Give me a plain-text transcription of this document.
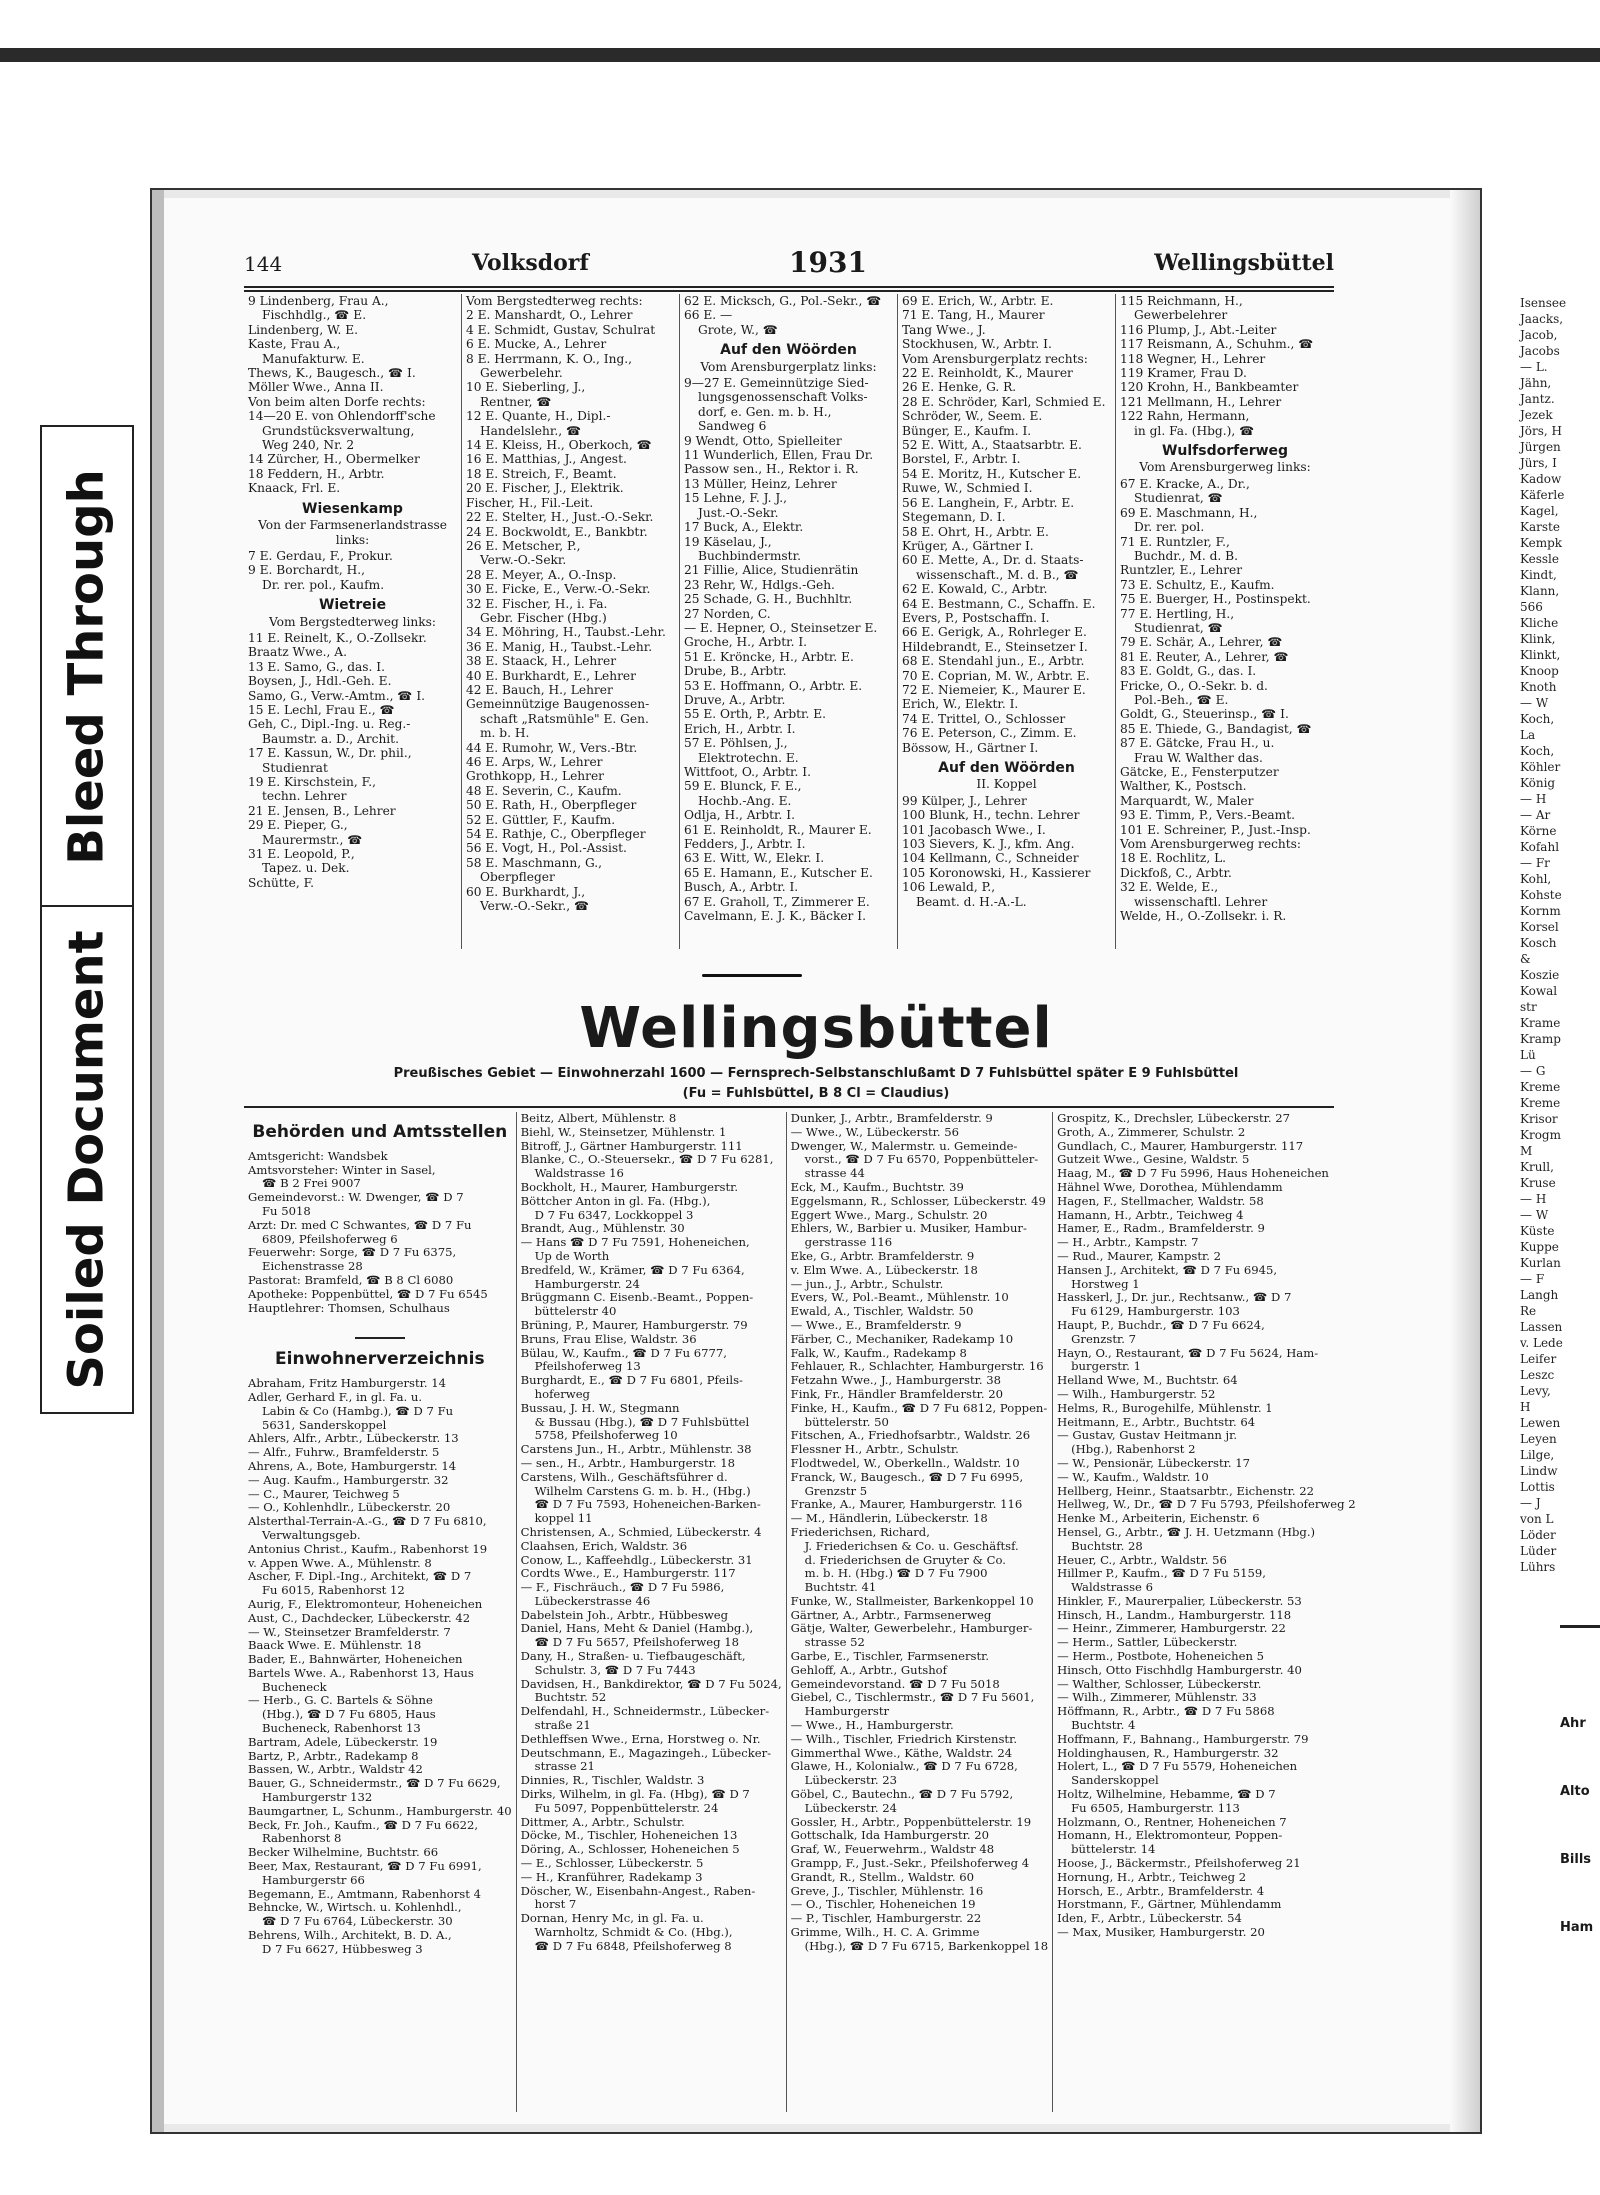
Bleed Through
Soiled Document
144	Volksdorf	1931	Wellingsbüttel
9 Lindenberg, Frau A.,
Fischhdlg., ☎ E.
Lindenberg, W. E.
Kaste, Frau A.,
Manufakturw. E.
Thews, K., Baugesch., ☎ I.
Möller Wwe., Anna II.
Von beim alten Dorfe rechts:
14—20 E. von Ohlendorff'sche
Grundstücksverwaltung,
Weg 240, Nr. 2
14 Zürcher, H., Obermelker
18 Feddern, H., Arbtr.
Knaack, Frl. E.
Wiesenkamp
Von der Farmsenerlandstrasse links:
7 E. Gerdau, F., Prokur.
9 E. Borchardt, H.,
Dr. rer. pol., Kaufm.
Wietreie
Vom Bergstedterweg links:
11 E. Reinelt, K., O.-Zollsekr.
Braatz Wwe., A.
13 E. Samo, G., das. I.
Boysen, J., Hdl.-Geh. E.
Samo, G., Verw.-Amtm., ☎ I.
15 E. Lechl, Frau E., ☎
Geh, C., Dipl.-Ing. u. Reg.-
Baumstr. a. D., Archit.
17 E. Kassun, W., Dr. phil.,
Studienrat
19 E. Kirschstein, F.,
techn. Lehrer
21 E. Jensen, B., Lehrer
29 E. Pieper, G.,
Maurermstr., ☎
31 E. Leopold, P.,
Tapez. u. Dek.
Schütte, F.
Vom Bergstedterweg rechts:
2 E. Manshardt, O., Lehrer
4 E. Schmidt, Gustav, Schulrat
6 E. Mucke, A., Lehrer
8 E. Herrmann, K. O., Ing.,
Gewerbelehr.
10 E. Sieberling, J.,
Rentner, ☎
12 E. Quante, H., Dipl.-
Handelslehr., ☎
14 E. Kleiss, H., Oberkoch, ☎
16 E. Matthias, J., Angest.
18 E. Streich, F., Beamt.
20 E. Fischer, J., Elektrik.
Fischer, H., Fil.-Leit.
22 E. Stelter, H., Just.-O.-Sekr.
24 E. Bockwoldt, E., Bankbtr.
26 E. Metscher, P.,
Verw.-O.-Sekr.
28 E. Meyer, A., O.-Insp.
30 E. Ficke, E., Verw.-O.-Sekr.
32 E. Fischer, H., i. Fa.
Gebr. Fischer (Hbg.)
34 E. Möhring, H., Taubst.-Lehr.
36 E. Manig, H., Taubst.-Lehr.
38 E. Staack, H., Lehrer
40 E. Burkhardt, E., Lehrer
42 E. Bauch, H., Lehrer
Gemeinnützige Baugenossen-
schaft „Ratsmühle" E. Gen.
m. b. H.
44 E. Rumohr, W., Vers.-Btr.
46 E. Arps, W., Lehrer
Grothkopp, H., Lehrer
48 E. Severin, C., Kaufm.
50 E. Rath, H., Oberpfleger
52 E. Güttler, F., Kaufm.
54 E. Rathje, C., Oberpfleger
56 E. Vogt, H., Pol.-Assist.
58 E. Maschmann, G.,
Oberpfleger
60 E. Burkhardt, J.,
Verw.-O.-Sekr., ☎
62 E. Micksch, G., Pol.-Sekr., ☎
66 E. —
Grote, W., ☎
Auf den Wöörden
Vom Arensburgerplatz links:
9—27 E. Gemeinnützige Sied-
lungsgenossenschaft Volks-
dorf, e. Gen. m. b. H.,
Sandweg 6
9 Wendt, Otto, Spielleiter
11 Wunderlich, Ellen, Frau Dr.
Passow sen., H., Rektor i. R.
13 Müller, Heinz, Lehrer
15 Lehne, F. J. J.,
Just.-O.-Sekr.
17 Buck, A., Elektr.
19 Käselau, J.,
Buchbindermstr.
21 Fillie, Alice, Studienrätin
23 Rehr, W., Hdlgs.-Geh.
25 Schade, G. H., Buchhltr.
27 Norden, C.
— E. Hepner, O., Steinsetzer E.
Groche, H., Arbtr. I.
51 E. Kröncke, H., Arbtr. E.
Drube, B., Arbtr.
53 E. Hoffmann, O., Arbtr. E.
Druve, A., Arbtr.
55 E. Orth, P., Arbtr. E.
Erich, H., Arbtr. I.
57 E. Pöhlsen, J.,
Elektrotechn. E.
Wittfoot, O., Arbtr. I.
59 E. Blunck, F. E.,
Hochb.-Ang. E.
Odlja, H., Arbtr. I.
61 E. Reinholdt, R., Maurer E.
Fedders, J., Arbtr. I.
63 E. Witt, W., Elekr. I.
65 E. Hamann, E., Kutscher E.
Busch, A., Arbtr. I.
67 E. Graholl, T., Zimmerer E.
Cavelmann, E. J. K., Bäcker I.
69 E. Erich, W., Arbtr. E.
71 E. Tang, H., Maurer
Tang Wwe., J.
Stockhusen, W., Arbtr. I.
Vom Arensburgerplatz rechts:
22 E. Reinholdt, K., Maurer
26 E. Henke, G. R.
28 E. Schröder, Karl, Schmied E.
Schröder, W., Seem. E.
Bünger, E., Kaufm. I.
52 E. Witt, A., Staatsarbtr. E.
Borstel, F., Arbtr. I.
54 E. Moritz, H., Kutscher E.
Ruwe, W., Schmied I.
56 E. Langhein, F., Arbtr. E.
Stegemann, D. I.
58 E. Ohrt, H., Arbtr. E.
Krüger, A., Gärtner I.
60 E. Mette, A., Dr. d. Staats-
wissenschaft., M. d. B., ☎
62 E. Kowald, C., Arbtr.
64 E. Bestmann, C., Schaffn. E.
Evers, P., Postschaffn. I.
66 E. Gerigk, A., Rohrleger E.
Hildebrandt, E., Steinsetzer I.
68 E. Stendahl jun., E., Arbtr.
70 E. Coprian, M. W., Arbtr. E.
72 E. Niemeier, K., Maurer E.
Erich, W., Elektr. I.
74 E. Trittel, O., Schlosser
76 E. Peterson, C., Zimm. E.
Bössow, H., Gärtner I.
Auf den Wöörden
II. Koppel
99 Külper, J., Lehrer
100 Blunk, H., techn. Lehrer
101 Jacobasch Wwe., I.
103 Sievers, K. J., kfm. Ang.
104 Kellmann, C., Schneider
105 Koronowski, H., Kassierer
106 Lewald, P.,
Beamt. d. H.-A.-L.
115 Reichmann, H.,
Gewerbelehrer
116 Plump, J., Abt.-Leiter
117 Reismann, A., Schuhm., ☎
118 Wegner, H., Lehrer
119 Kramer, Frau D.
120 Krohn, H., Bankbeamter
121 Mellmann, H., Lehrer
122 Rahn, Hermann,
in gl. Fa. (Hbg.), ☎
Wulfsdorferweg
Vom Arensburgerweg links:
67 E. Kracke, A., Dr.,
Studienrat, ☎
69 E. Maschmann, H.,
Dr. rer. pol.
71 E. Runtzler, F.,
Buchdr., M. d. B.
Runtzler, E., Lehrer
73 E. Schultz, E., Kaufm.
75 E. Buerger, H., Postinspekt.
77 E. Hertling, H.,
Studienrat, ☎
79 E. Schär, A., Lehrer, ☎
81 E. Reuter, A., Lehrer, ☎
83 E. Goldt, G., das. I.
Fricke, O., O.-Sekr. b. d.
Pol.-Beh., ☎ E.
Goldt, G., Steuerinsp., ☎ I.
85 E. Thiede, G., Bandagist, ☎
87 E. Gätcke, Frau H., u.
Frau W. Walther das.
Gätcke, E., Fensterputzer
Walther, K., Postsch.
Marquardt, W., Maler
93 E. Timm, P., Vers.-Beamt.
101 E. Schreiner, P., Just.-Insp.
Vom Arensburgerweg rechts:
18 E. Rochlitz, L.
Dickfoß, C., Arbtr.
32 E. Welde, E.,
wissenschaftl. Lehrer
Welde, H., O.-Zollsekr. i. R.
Wellingsbüttel
Preußisches Gebiet — Einwohnerzahl 1600 — Fernsprech-Selbstanschlußamt D 7 Fuhlsbüttel später E 9 Fuhlsbüttel
(Fu = Fuhlsbüttel, B 8 Cl = Claudius)
Behörden und Amtsstellen
Amtsgericht: Wandsbek
Amtsvorsteher: Winter in Sasel,
☎ B 2 Frei 9007
Gemeindevorst.: W. Dwenger, ☎ D 7
Fu 5018
Arzt: Dr. med C Schwantes, ☎ D 7 Fu
6809, Pfeilshoferweg 6
Feuerwehr: Sorge, ☎ D 7 Fu 6375,
Eichenstrasse 28
Pastorat: Bramfeld, ☎ B 8 Cl 6080
Apotheke: Poppenbüttel, ☎ D 7 Fu 6545
Hauptlehrer: Thomsen, Schulhaus
Einwohnerverzeichnis
Abraham, Fritz Hamburgerstr. 14
Adler, Gerhard F., in gl. Fa. u.
Labin & Co (Hambg.), ☎ D 7 Fu
5631, Sanderskoppel
Ahlers, Alfr., Arbtr., Lübeckerstr. 13
— Alfr., Fuhrw., Bramfelderstr. 5
Ahrens, A., Bote, Hamburgerstr. 14
— Aug. Kaufm., Hamburgerstr. 32
— C., Maurer, Teichweg 5
— O., Kohlenhdlr., Lübeckerstr. 20
Alsterthal-Terrain-A.-G., ☎ D 7 Fu 6810,
Verwaltungsgeb.
Antonius Christ., Kaufm., Rabenhorst 19
v. Appen Wwe. A., Mühlenstr. 8
Ascher, F. Dipl.-Ing., Architekt, ☎ D 7
Fu 6015, Rabenhorst 12
Aurig, F., Elektromonteur, Hoheneichen
Aust, C., Dachdecker, Lübeckerstr. 42
— W., Steinsetzer Bramfelderstr. 7
Baack Wwe. E. Mühlenstr. 18
Bader, E., Bahnwärter, Hoheneichen
Bartels Wwe. A., Rabenhorst 13, Haus
Bucheneck
— Herb., G. C. Bartels & Söhne
(Hbg.), ☎ D 7 Fu 6805, Haus
Bucheneck, Rabenhorst 13
Bartram, Adele, Lübeckerstr. 19
Bartz, P., Arbtr., Radekamp 8
Bassen, W., Arbtr., Waldstr 42
Bauer, G., Schneidermstr., ☎ D 7 Fu 6629,
Hamburgerstr 132
Baumgartner, L, Schunm., Hamburgerstr. 40
Beck, Fr. Joh., Kaufm., ☎ D 7 Fu 6622,
Rabenhorst 8
Becker Wilhelmine, Buchtstr. 66
Beer, Max, Restaurant, ☎ D 7 Fu 6991,
Hamburgerstr 66
Begemann, E., Amtmann, Rabenhorst 4
Behncke, W., Wirtsch. u. Kohlenhdl.,
☎ D 7 Fu 6764, Lübeckerstr. 30
Behrens, Wilh., Architekt, B. D. A.,
D 7 Fu 6627, Hübbesweg 3
Beitz, Albert, Mühlenstr. 8
Biehl, W., Steinsetzer, Mühlenstr. 1
Bitroff, J., Gärtner Hamburgerstr. 111
Blanke, C., O.-Steuersekr., ☎ D 7 Fu 6281,
Waldstrasse 16
Bockholt, H., Maurer, Hamburgerstr.
Böttcher Anton in gl. Fa. (Hbg.),
D 7 Fu 6347, Lockkoppel 3
Brandt, Aug., Mühlenstr. 30
— Hans ☎ D 7 Fu 7591, Hoheneichen,
Up de Worth
Bredfeld, W., Krämer, ☎ D 7 Fu 6364,
Hamburgerstr. 24
Brüggmann C. Eisenb.-Beamt., Poppen-
büttelerstr 40
Brüning, P., Maurer, Hamburgerstr. 79
Bruns, Frau Elise, Waldstr. 36
Bülau, W., Kaufm., ☎ D 7 Fu 6777,
Pfeilshoferweg 13
Burghardt, E., ☎ D 7 Fu 6801, Pfeils-
hoferweg
Bussau, J. H. W., Stegmann
& Bussau (Hbg.), ☎ D 7 Fuhlsbüttel
5758, Pfeilshoferweg 10
Carstens Jun., H., Arbtr., Mühlenstr. 38
— sen., H., Arbtr., Hamburgerstr. 18
Carstens, Wilh., Geschäftsführer d.
Wilhelm Carstens G. m. b. H., (Hbg.)
☎ D 7 Fu 7593, Hoheneichen-Barken-
koppel 11
Christensen, A., Schmied, Lübeckerstr. 4
Claahsen, Erich, Waldstr. 36
Conow, L., Kaffeehdlg., Lübeckerstr. 31
Cordts Wwe., E., Hamburgerstr. 117
— F., Fischräuch., ☎ D 7 Fu 5986,
Lübeckerstrasse 46
Dabelstein Joh., Arbtr., Hübbesweg
Daniel, Hans, Meht & Daniel (Hambg.),
☎ D 7 Fu 5657, Pfeilshoferweg 18
Dany, H., Straßen- u. Tiefbaugeschäft,
Schulstr. 3, ☎ D 7 Fu 7443
Davidsen, H., Bankdirektor, ☎ D 7 Fu 5024,
Buchtstr. 52
Delfendahl, H., Schneidermstr., Lübecker-
straße 21
Dethleffsen Wwe., Erna, Horstweg o. Nr.
Deutschmann, E., Magazingeh., Lübecker-
strasse 21
Dinnies, R., Tischler, Waldstr. 3
Dirks, Wilhelm, in gl. Fa. (Hbg), ☎ D 7
Fu 5097, Poppenbüttelerstr. 24
Dittmer, A., Arbtr., Schulstr.
Döcke, M., Tischler, Hoheneichen 13
Döring, A., Schlosser, Hoheneichen 5
— E., Schlosser, Lübeckerstr. 5
— H., Kranführer, Radekamp 3
Döscher, W., Eisenbahn-Angest., Raben-
horst 7
Dornan, Henry Mc, in gl. Fa. u.
Warnholtz, Schmidt & Co. (Hbg.),
☎ D 7 Fu 6848, Pfeilshoferweg 8
Dunker, J., Arbtr., Bramfelderstr. 9
— Wwe., W., Lübeckerstr. 56
Dwenger, W., Malermstr. u. Gemeinde-
vorst., ☎ D 7 Fu 6570, Poppenbütteler-
strasse 44
Eck, M., Kaufm., Buchtstr. 39
Eggelsmann, R., Schlosser, Lübeckerstr. 49
Eggert Wwe., Marg., Schulstr. 20
Ehlers, W., Barbier u. Musiker, Hambur-
gerstrasse 116
Eke, G., Arbtr. Bramfelderstr. 9
v. Elm Wwe. A., Lübeckerstr. 18
— jun., J., Arbtr., Schulstr.
Evers, W., Pol.-Beamt., Mühlenstr. 10
Ewald, A., Tischler, Waldstr. 50
— Wwe., E., Bramfelderstr. 9
Färber, C., Mechaniker, Radekamp 10
Falk, W., Kaufm., Radekamp 8
Fehlauer, R., Schlachter, Hamburgerstr. 16
Fetzahn Wwe., J., Hamburgerstr. 38
Fink, Fr., Händler Bramfelderstr. 20
Finke, H., Kaufm., ☎ D 7 Fu 6812, Poppen-
büttelerstr. 50
Fitschen, A., Friedhofsarbtr., Waldstr. 26
Flessner H., Arbtr., Schulstr.
Flodtwedel, W., Oberkelln., Waldstr. 10
Franck, W., Baugesch., ☎ D 7 Fu 6995,
Grenzstr 5
Franke, A., Maurer, Hamburgerstr. 116
— M., Händlerin, Lübeckerstr. 18
Friederichsen, Richard,
J. Friederichsen & Co. u. Geschäftsf.
d. Friederichsen de Gruyter & Co.
m. b. H. (Hbg.) ☎ D 7 Fu 7900
Buchtstr. 41
Funke, W., Stallmeister, Barkenkoppel 10
Gärtner, A., Arbtr., Farmsenerweg
Gätje, Walter, Gewerbelehr., Hamburger-
strasse 52
Garbe, E., Tischler, Farmsenerstr.
Gehloff, A., Arbtr., Gutshof
Gemeindevorstand. ☎ D 7 Fu 5018
Giebel, C., Tischlermstr., ☎ D 7 Fu 5601,
Hamburgerstr
— Wwe., H., Hamburgerstr.
— Wilh., Tischler, Friedrich Kirstenstr.
Gimmerthal Wwe., Käthe, Waldstr. 24
Glawe, H., Kolonialw., ☎ D 7 Fu 6728,
Lübeckerstr. 23
Göbel, C., Bautechn., ☎ D 7 Fu 5792,
Lübeckerstr. 24
Gossler, H., Arbtr., Poppenbüttelerstr. 19
Gottschalk, Ida Hamburgerstr. 20
Graf, W., Feuerwehrm., Waldstr 48
Grampp, F., Just.-Sekr., Pfeilshoferweg 4
Grandt, R., Stellm., Waldstr. 60
Greve, J., Tischler, Mühlenstr. 16
— O., Tischler, Hoheneichen 19
— P., Tischler, Hamburgerstr. 22
Grimme, Wilh., H. C. A. Grimme
(Hbg.), ☎ D 7 Fu 6715, Barkenkoppel 18
Grospitz, K., Drechsler, Lübeckerstr. 27
Groth, A., Zimmerer, Schulstr. 2
Gundlach, C., Maurer, Hamburgerstr. 117
Gutzeit Wwe., Gesine, Waldstr. 5
Haag, M., ☎ D 7 Fu 5996, Haus Hoheneichen
Hähnel Wwe, Dorothea, Mühlendamm
Hagen, F., Stellmacher, Waldstr. 58
Hamann, H., Arbtr., Teichweg 4
Hamer, E., Radm., Bramfelderstr. 9
— H., Arbtr., Kampstr. 7
— Rud., Maurer, Kampstr. 2
Hansen J., Architekt, ☎ D 7 Fu 6945,
Horstweg 1
Hasskerl, J., Dr. jur., Rechtsanw., ☎ D 7
Fu 6129, Hamburgerstr. 103
Haupt, P., Buchdr., ☎ D 7 Fu 6624,
Grenzstr. 7
Hayn, O., Restaurant, ☎ D 7 Fu 5624, Ham-
burgerstr. 1
Helland Wwe, M., Buchtstr. 64
— Wilh., Hamburgerstr. 52
Helms, R., Burogehilfe, Mühlenstr. 1
Heitmann, E., Arbtr., Buchtstr. 64
— Gustav, Gustav Heitmann jr.
(Hbg.), Rabenhorst 2
— W., Pensionär, Lübeckerstr. 17
— W., Kaufm., Waldstr. 10
Hellberg, Heinr., Staatsarbtr., Eichenstr. 22
Hellweg, W., Dr., ☎ D 7 Fu 5793, Pfeilshoferweg 2
Henke M., Arbeiterin, Eichenstr. 6
Hensel, G., Arbtr., ☎ J. H. Uetzmann (Hbg.)
Buchtstr. 28
Heuer, C., Arbtr., Waldstr. 56
Hillmer P., Kaufm., ☎ D 7 Fu 5159,
Waldstrasse 6
Hinkler, F., Maurerpalier, Lübeckerstr. 53
Hinsch, H., Landm., Hamburgerstr. 118
— Heinr., Zimmerer, Hamburgerstr. 22
— Herm., Sattler, Lübeckerstr.
— Herm., Postbote, Hoheneichen 5
Hinsch, Otto Fischhdlg Hamburgerstr. 40
— Walther, Schlosser, Lübeckerstr.
— Wilh., Zimmerer, Mühlenstr. 33
Höffmann, R., Arbtr., ☎ D 7 Fu 5868
Buchtstr. 4
Hoffmann, F., Bahnang., Hamburgerstr. 79
Holdinghausen, R., Hamburgerstr. 32
Holert, L., ☎ D 7 Fu 5579, Hoheneichen
Sanderskoppel
Holtz, Wilhelmine, Hebamme, ☎ D 7
Fu 6505, Hamburgerstr. 113
Holzmann, O., Rentner, Hoheneichen 7
Homann, H., Elektromonteur, Poppen-
büttelerstr. 14
Hoose, J., Bäckermstr., Pfeilshoferweg 21
Hornung, H., Arbtr., Teichweg 2
Horsch, E., Arbtr., Bramfelderstr. 4
Horstmann, F., Gärtner, Mühlendamm
Iden, F., Arbtr., Lübeckerstr. 54
— Max, Musiker, Hamburgerstr. 20
Isensee
Jaacks,
Jacob,
Jacobs
— L.
Jähn,
Jantz.
Jezek
Jörs, H
Jürgen
Jürs, I
Kadow
Käferle
Kagel,
Karste
Kempk
Kessle
Kindt,
Klann,
566
Kliche
Klink,
Klinkt,
Knoop
Knoth
— W
Koch,
La
Koch,
Köhler
König
— H
— Ar
Körne
Kofahl
— Fr
Kohl,
Kohste
Kornm
Korsel
Kosch
&
Koszie
Kowal
str
Krame
Kramp
Lü
— G
Kreme
Kreme
Krisor
Krogm
M
Krull,
Kruse
— H
— W
Küste
Kuppe
Kurlan
— F
Langh
Re
Lassen
v. Lede
Leifer
Leszc
Levy,
H
Lewen
Leyen
Lilge,
Lindw
Lottis
— J
von L
Löder
Lüder
Lührs
Ahr
Alto
Bills
Ham
